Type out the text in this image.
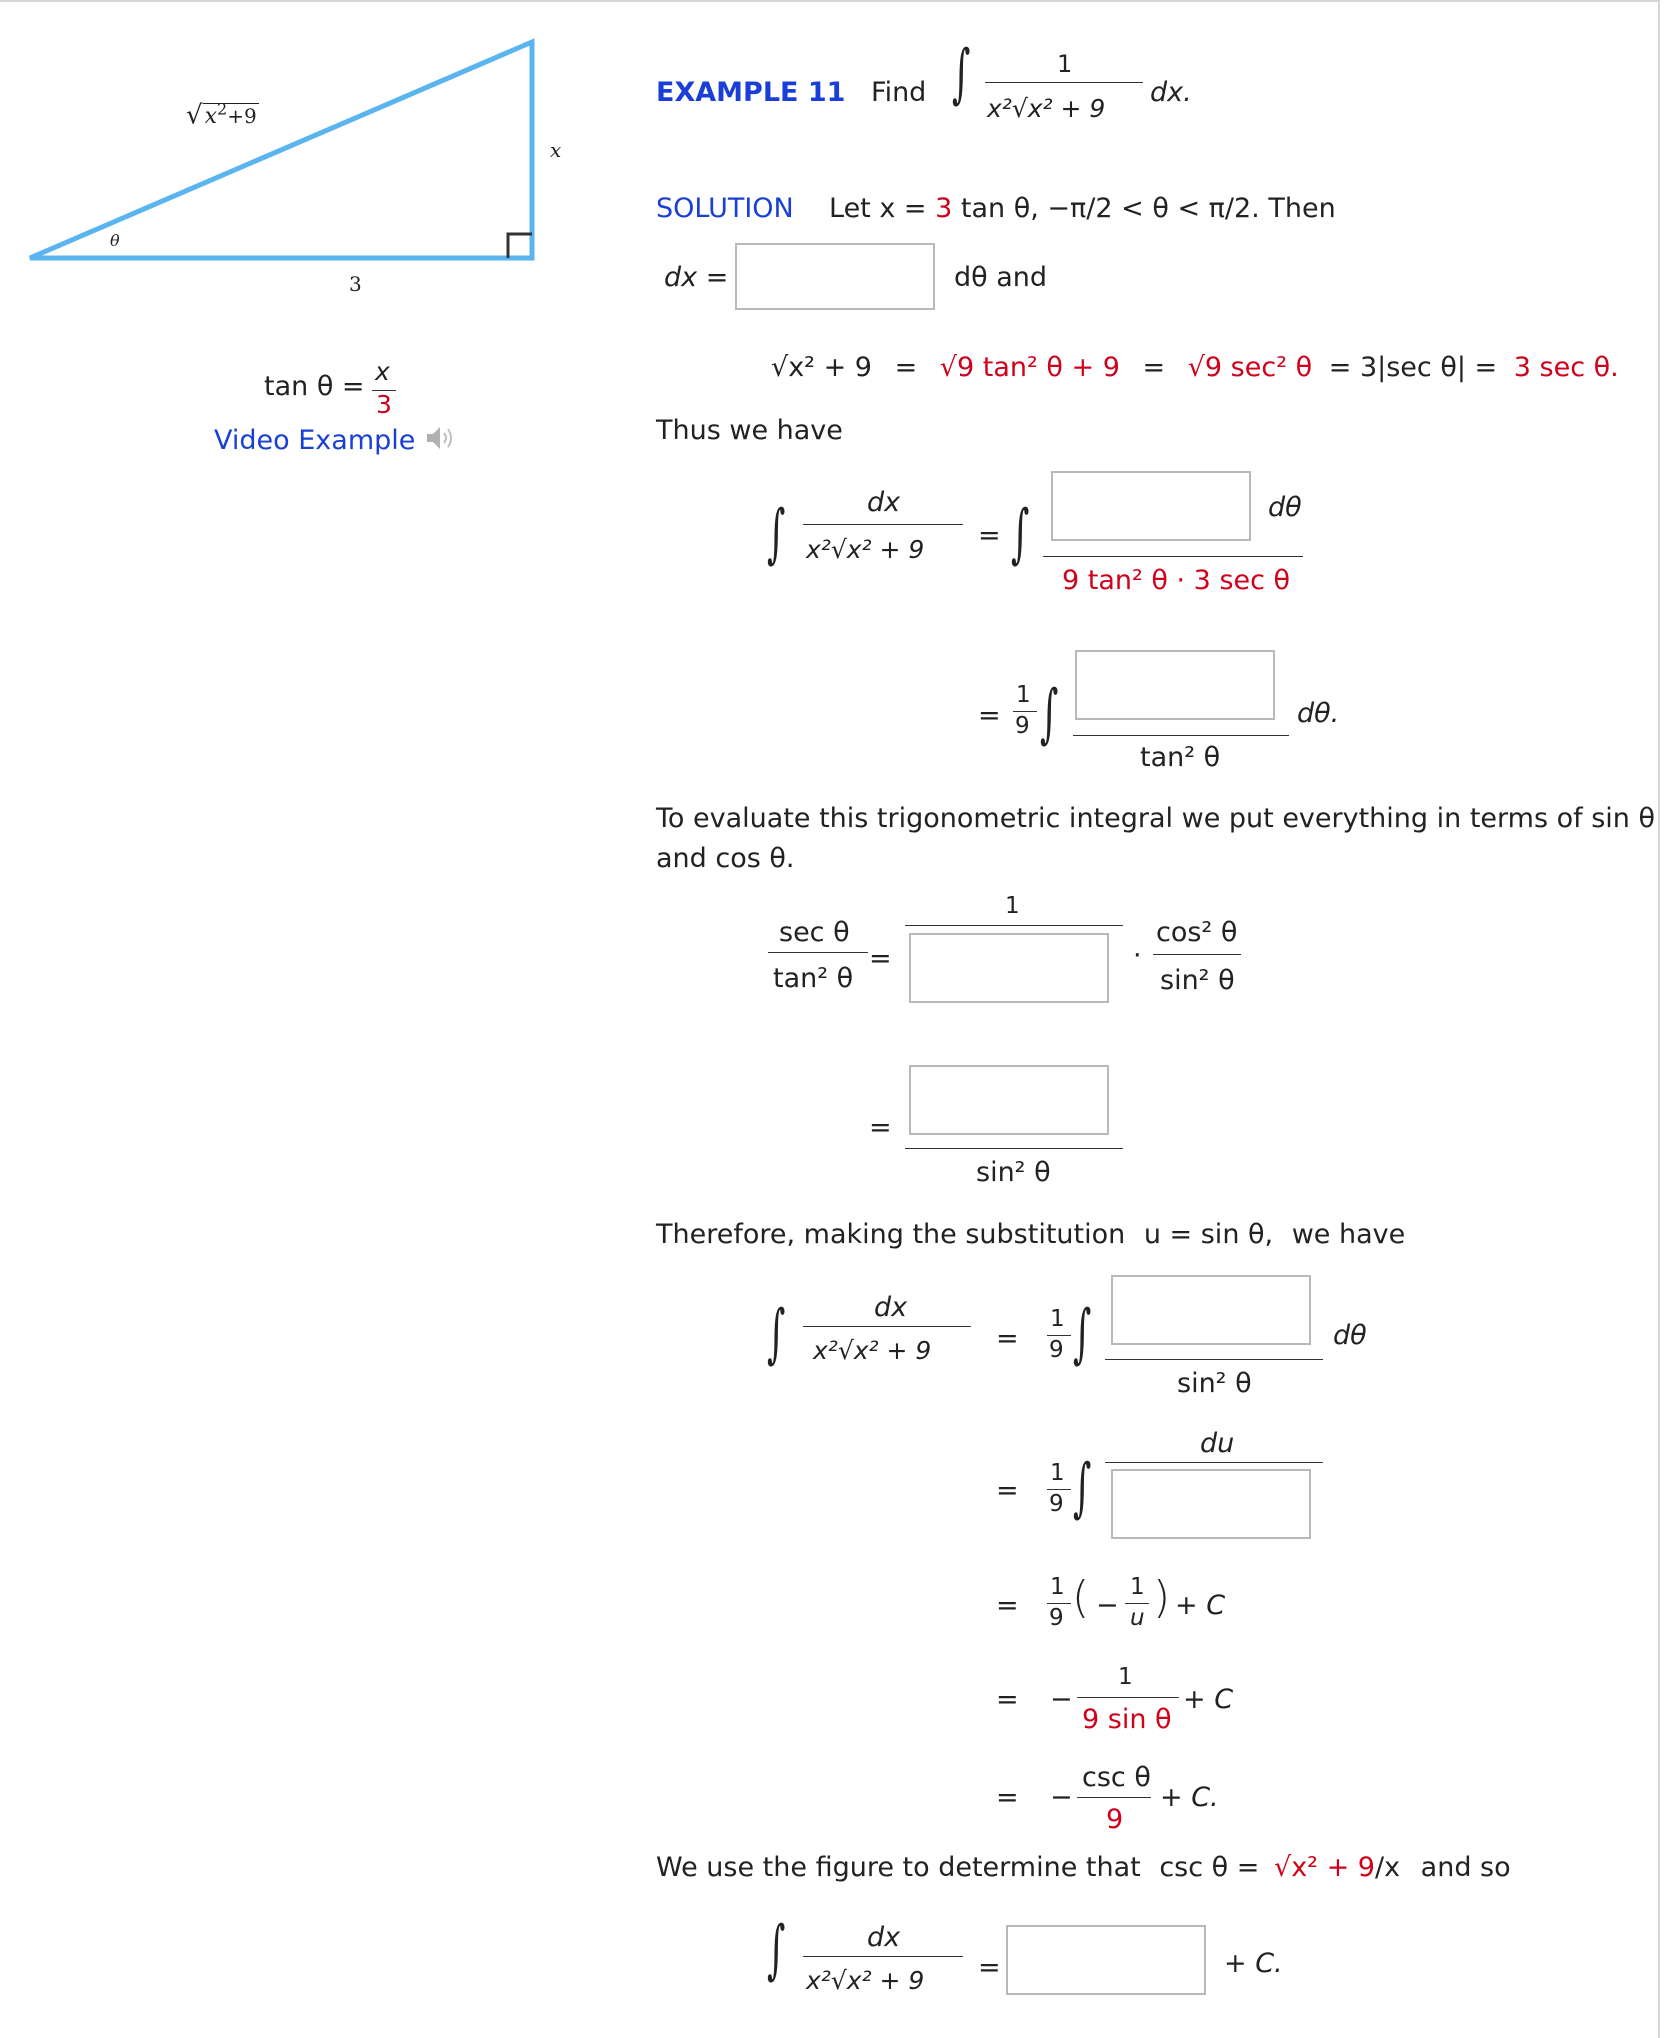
$√x^2+9$
x
3
θ
tan θ = x
3
Video Example
EXAMPLE 11 Find ∫	1
x²√x² + 9
dx.
SOLUTION Let x = 3 tan θ, −π/2 < θ < π/2. Then
dx =	dθ and
√x² + 9 = √9 tan² θ + 9 = √9 sec² θ = 3|sec θ| = 3 sec θ.
Thus we have
∫	dx
x²√x² + 9 = ∫	dθ
9 tan² θ · 3 sec θ
=
1
9 ∫	dθ.
tan² θ
To evaluate this trigonometric integral we put everything in terms of sin θ
and cos θ.
sec θ
tan² θ
=
1
·
cos² θ
sin² θ
=
sin² θ
Therefore, making the substitution u = sin θ, we have
∫	dx
x²√x² + 9 =
1
9 ∫	dθ
sin² θ
=
1
9 ∫
du
=
1
9 ( −
1
u ) + C
= −
1
9 sin θ
+ C
= −
csc θ
9
+ C.
We use the figure to determine that csc θ = √x² + 9/x and so
∫	dx
x²√x² + 9 =	+ C.
